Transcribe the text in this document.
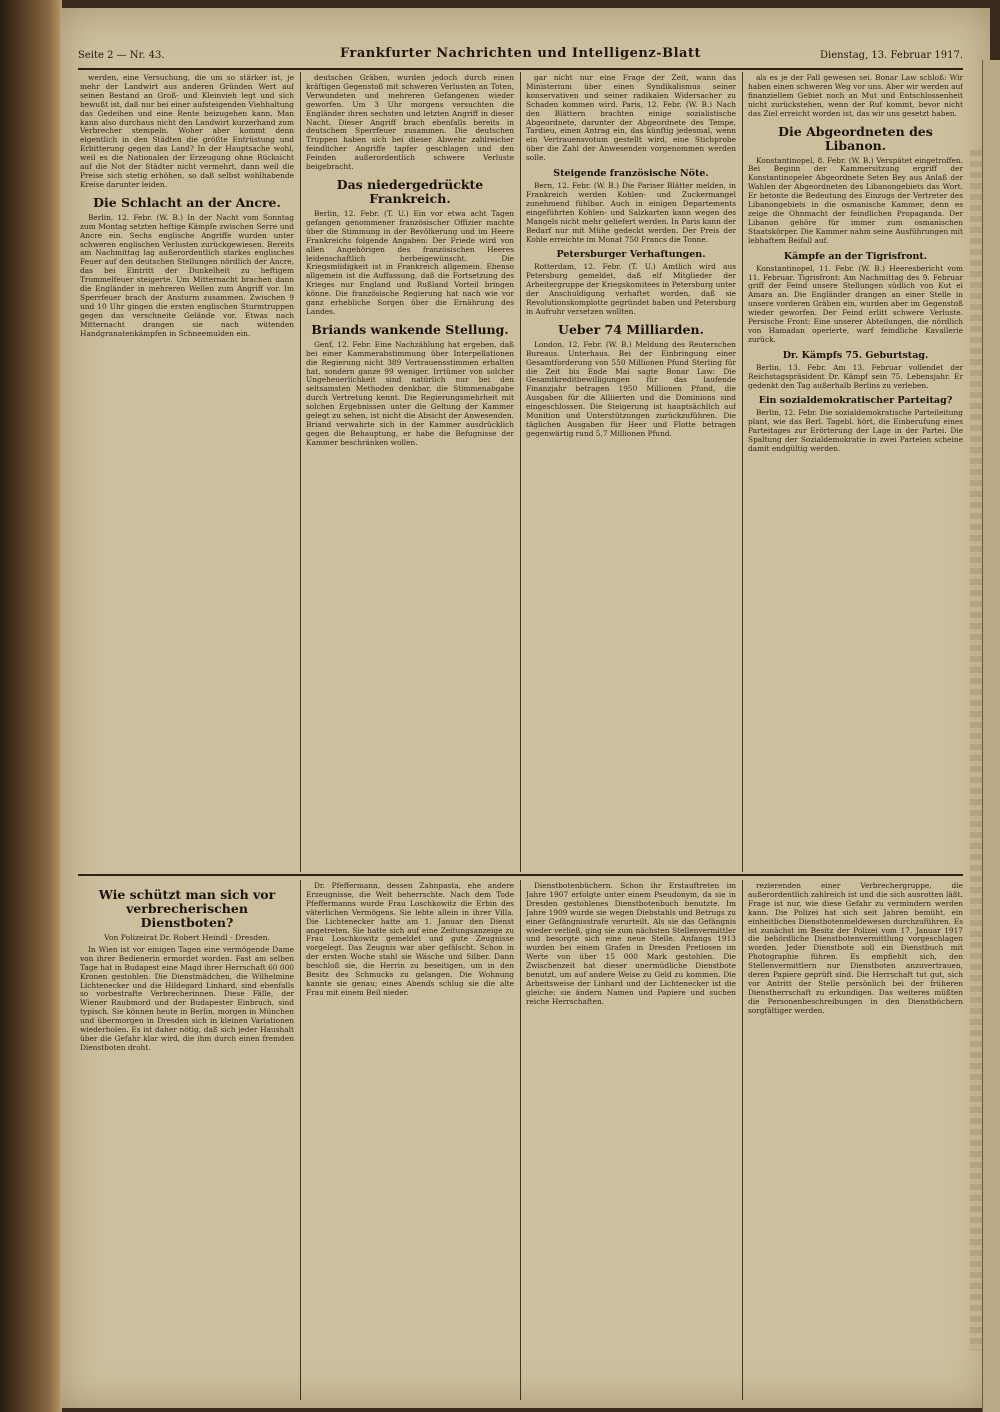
Seite 2 — Nr. 43.	Frankfurter Nachrichten und Intelligenz-Blatt	Dienstag, 13. Februar 1917.

werden, eine Versuchung, die um so stärker ist, je mehr der Landwirt aus anderen Gründen Wert auf seinen Bestand an Groß- und Kleinvieh legt und sich bewußt ist, daß nur bei einer aufsteigenden Viehhaltung das Gedeihen und eine Rente beizugehen kann. Man kann also durchaus nicht den Landwirt kurzerhand zum Verbrecher stempeln. Woher aber kommt denn eigentlich in den Städten die größte Entrüstung und Erbitterung gegen das Land? In der Hauptsache wohl, weil es die Nationalen der Erzeugung ohne Rücksicht auf die Not der Städter nicht vermehrt, dann weil die Preise sich stetig erhöhen, so daß selbst wohlhabende Kreise darunter leiden.

Die Schlacht an der Ancre.

Berlin, 12. Febr. (W. B.) In der Nacht vom Sonntag zum Montag setzten heftige Kämpfe zwischen Serre und Ancre ein. Sechs englische Angriffe wurden unter schweren englischen Verlusten zurückgewiesen. Bereits am Nachmittag lag außerordentlich starkes englisches Feuer auf den deutschen Stellungen nördlich der Ancre, das bei Eintritt der Dunkelheit zu heftigem Trommelfeuer steigerte. Um Mitternacht brachen dann die Engländer in mehreren Wellen zum Angriff vor. Im Sperrfeuer brach der Ansturm zusammen. Zwischen 9 und 10 Uhr gingen die ersten englischen Sturmtruppen gegen das verschneite Gelände vor. Etwas nach Mitternacht drangen sie nach wütenden Handgranatenkämpfen in Schneemulden ein.

deutschen Gräben, wurden jedoch durch einen kräftigen Gegenstoß mit schweren Verlusten an Toten, Verwundeten und mehreren Gefangenen wieder geworfen. Um 3 Uhr morgens versuchten die Engländer ihren sechsten und letzten Angriff in dieser Nacht. Dieser Angriff brach ebenfalls bereits in deutschem Sperrfeuer zusammen. Die deutschen Truppen haben sich bei dieser Abwehr zahlreicher feindlicher Angriffe tapfer geschlagen und den Feinden außerordentlich schwere Verluste beigebracht.

Das niedergedrückte Frankreich.

Berlin, 12. Febr. (T. U.) Ein vor etwa acht Tagen gefangen genommener französischer Offizier machte über die Stimmung in der Bevölkerung und im Heere Frankreichs folgende Angaben: Der Friede wird von allen Angehörigen des französischen Heeres leidenschaftlich herbeigewünscht. Die Kriegsmüdigkeit ist in Frankreich allgemein. Ebenso allgemein ist die Auffassung, daß die Fortsetzung des Krieges nur England und Rußland Vorteil bringen könne. Die französische Regierung hat nach wie vor ganz erhebliche Sorgen über die Ernährung des Landes.

Briands wankende Stellung.

Genf, 12. Febr. Eine Nachzählung hat ergeben, daß bei einer Kammerabstimmung über Interpellationen die Regierung nicht 389 Vertrauensstimmen erhalten hat, sondern ganze 99 weniger. Irrtümer von solcher Ungeheuerlichkeit sind natürlich nur bei den seltsamsten Methoden denkbar, die Stimmenabgabe durch Vertretung kennt. Die Regierungsmehrheit mit solchen Ergebnissen unter die Geltung der Kammer gelegt zu sehen, ist nicht die Absicht der Anwesenden. Briand verwahrte sich in der Kammer ausdrücklich gegen die Behauptung, er habe die Befugnisse der Kammer beschränken wollen.

gar nicht nur eine Frage der Zeit, wann das Ministerium über einen Syndikalismus seiner konservativen und seiner radikalen Widersacher zu Schaden kommen wird. Paris, 12. Febr. (W. B.) Nach den Blättern brachten einige sozialistische Abgeordnete, darunter der Abgeordnete des Tempe, Tardieu, einen Antrag ein, das künftig jedesmal, wenn ein Vertrauensvotum gestellt wird, eine Stichprobe über die Zahl der Anwesenden vorgenommen werden solle.

Steigende französische Nöte.

Bern, 12. Febr. (W. B.) Die Pariser Blätter melden, in Frankreich werden Kohlen- und Zuckermangel zunehmend fühlbar. Auch in einigen Departements eingeführten Kohlen- und Salzkarten kann wegen des Mangels nicht mehr geliefert werden. In Paris kann der Bedarf nur mit Mühe gedeckt werden. Der Preis der Kohle erreichte im Monat 750 Francs die Tonne.

Petersburger Verhaftungen.

Rotterdam, 12. Febr. (T. U.) Amtlich wird aus Petersburg gemeldet, daß elf Mitglieder der Arbeitergruppe der Kriegskomitees in Petersburg unter der Anschuldigung verhaftet worden, daß sie Revolutionskomplotte gegründet haben und Petersburg in Aufruhr versetzen wollten.

Ueber 74 Milliarden.

London, 12. Febr. (W. B.) Meldung des Reuterschen Bureaus. Unterhaus. Bei der Einbringung einer Gesamtforderung von 550 Millionen Pfund Sterling für die Zeit bis Ende Mai sagte Bonar Law: Die Gesamtkreditbewilligungen für das laufende Finanzjahr betragen 1950 Millionen Pfund, die Ausgaben für die Alliierten und die Dominions sind eingeschlossen. Die Steigerung ist hauptsächlich auf Munition und Unterstützungen zurückzuführen. Die täglichen Ausgaben für Heer und Flotte betragen gegenwärtig rund 5,7 Millionen Pfund.

als es je der Fall gewesen sei. Bonar Law schloß: Wir haben einen schweren Weg vor uns. Aber wir werden auf finanziellem Gebiet noch an Mut und Entschlossenheit nicht zurückstehen, wenn der Ruf kommt, bevor nicht das Ziel erreicht worden ist, das wir uns gesetzt haben.

Die Abgeordneten des Libanon.

Konstantinopel, 8. Febr. (W. B.) Verspätet eingetroffen. Bei Beginn der Kammersitzung ergriff der Konstantinopeler Abgeordnete Seten Bey aus Anlaß der Wahlen der Abgeordneten des Libanongebiets das Wort. Er betonte die Bedeutung des Einzugs der Vertreter des Libanongebiets in die osmanische Kammer, denn es zeige die Ohnmacht der feindlichen Propaganda. Der Libanon gehöre für immer zum osmanischen Staatskörper. Die Kammer nahm seine Ausführungen mit lebhaftem Beifall auf.

Kämpfe an der Tigrisfront.

Konstantinopel, 11. Febr. (W. B.) Heeresbericht vom 11. Februar. Tigrisfront: Am Nachmittag des 9. Februar griff der Feind unsere Stellungen südlich von Kut el Amara an. Die Engländer drangen an einer Stelle in unsere vorderen Gräben ein, wurden aber im Gegenstoß wieder geworfen. Der Feind erlitt schwere Verluste. Persische Front: Eine unserer Abteilungen, die nördlich von Hamadan operierte, warf feindliche Kavallerie zurück.

Dr. Kämpfs 75. Geburtstag.

Berlin, 13. Febr. Am 13. Februar vollendet der Reichstagspräsident Dr. Kämpf sein 75. Lebensjahr. Er gedenkt den Tag außerhalb Berlins zu verleben.

Ein sozialdemokratischer Parteitag?

Berlin, 12. Febr. Die sozialdemokratische Parteileitung plant, wie das Berl. Tagebl. hört, die Einberufung eines Parteitages zur Erörterung der Lage in der Partei. Die Spaltung der Sozialdemokratie in zwei Parteien scheine damit endgültig werden.

Wie schützt man sich vor verbrecherischen Dienstboten?

Von Polizeirat Dr. Robert Heindl - Dresden.

In Wien ist vor einigen Tagen eine vermögende Dame von ihrer Bedienerin ermordet worden. Fast am selben Tage hat in Budapest eine Magd ihrer Herrschaft 60 000 Kronen gestohlen. Die Dienstmädchen, die Wilhelmine Lichtenecker und die Hildegard Linhard, sind ebenfalls so vorbestrafte Verbrecherinnen. Diese Fälle, der Wiener Raubmord und der Budapester Einbruch, sind typisch. Sie können heute in Berlin, morgen in München und übermorgen in Dresden sich in kleinen Variationen wiederholen. Es ist daher nötig, daß sich jeder Haushalt über die Gefahr klar wird, die ihm durch einen fremden Dienstboten droht.

Dr. Pfeffermann, dessen Zahnpasta, ehe andere Erzeugnisse, die Welt beherrschte. Nach dem Tode Pfeffermanns wurde Frau Loschkowitz die Erbin des väterlichen Vermögens. Sie lebte allein in ihrer Villa. Die Lichtenecker hatte am 1. Januar den Dienst angetreten. Sie hatte sich auf eine Zeitungsanzeige zu Frau Loschkowitz gemeldet und gute Zeugnisse vorgelegt. Das Zeugnis war aber gefälscht. Schon in der ersten Woche stahl sie Wäsche und Silber. Dann beschloß sie, die Herrin zu beseitigen, um in den Besitz des Schmucks zu gelangen. Die Wohnung kannte sie genau; eines Abends schlug sie die alte Frau mit einem Beil nieder.

Dienstbotenbüchern. Schon ihr Erstauftreten im Jahre 1907 erfolgte unter einem Pseudonym, da sie in Dresden gestohlenes Dienstbotenbuch benutzte. Im Jahre 1909 wurde sie wegen Diebstahls und Betrugs zu einer Gefängnisstrafe verurteilt. Als sie das Gefängnis wieder verließ, ging sie zum nächsten Stellenvermittler und besorgte sich eine neue Stelle. Anfangs 1913 wurden bei einem Grafen in Dresden Pretiosen im Werte von über 15 000 Mark gestohlen. Die Zwischenzeit hat dieser unermüdliche Dienstbote benutzt, um auf andere Weise zu Geld zu kommen. Die Arbeitsweise der Linhard und der Lichtenecker ist die gleiche: sie ändern Namen und Papiere und suchen reiche Herrschaften.

rezierenden einer Verbrechergruppe, die außerordentlich zahlreich ist und die sich ausrotten läßt. Frage ist nur, wie diese Gefahr zu vermindern werden kann. Die Polizei hat sich seit Jahren bemüht, ein einheitliches Dienstbotenmeldewesen durchzuführen. Es ist zunächst im Besitz der Polizei vom 17. Januar 1917 die behördliche Dienstbotenvermittlung vorgeschlagen worden. Jeder Dienstbote soll ein Dienstbuch mit Photographie führen. Es empfiehlt sich, den Stellenvermittlern nur Dienstboten anzuvertrauen, deren Papiere geprüft sind. Die Herrschaft tut gut, sich vor Antritt der Stelle persönlich bei der früheren Dienstherrschaft zu erkundigen. Das weiteres müßten die Personenbeschreibungen in den Dienstbüchern sorgfältiger werden.
